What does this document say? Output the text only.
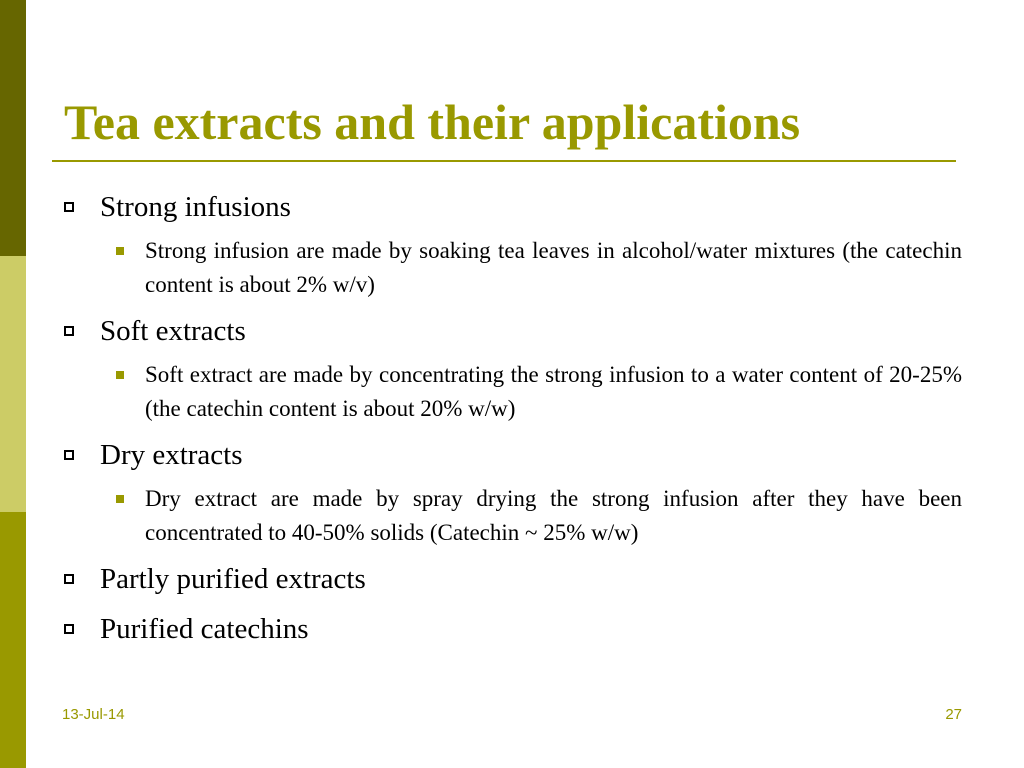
Tea extracts and their applications
Strong infusions
Strong infusion are made by soaking tea leaves in alcohol/water mixtures (the catechin content is about 2% w/v)
Soft extracts
Soft extract are made by concentrating the strong infusion to a water content of 20-25% (the catechin content is about 20% w/w)
Dry extracts
Dry extract are made by spray drying the strong infusion after they have been concentrated to 40-50% solids (Catechin ~ 25% w/w)
Partly purified extracts
Purified catechins
13-Jul-14	27
